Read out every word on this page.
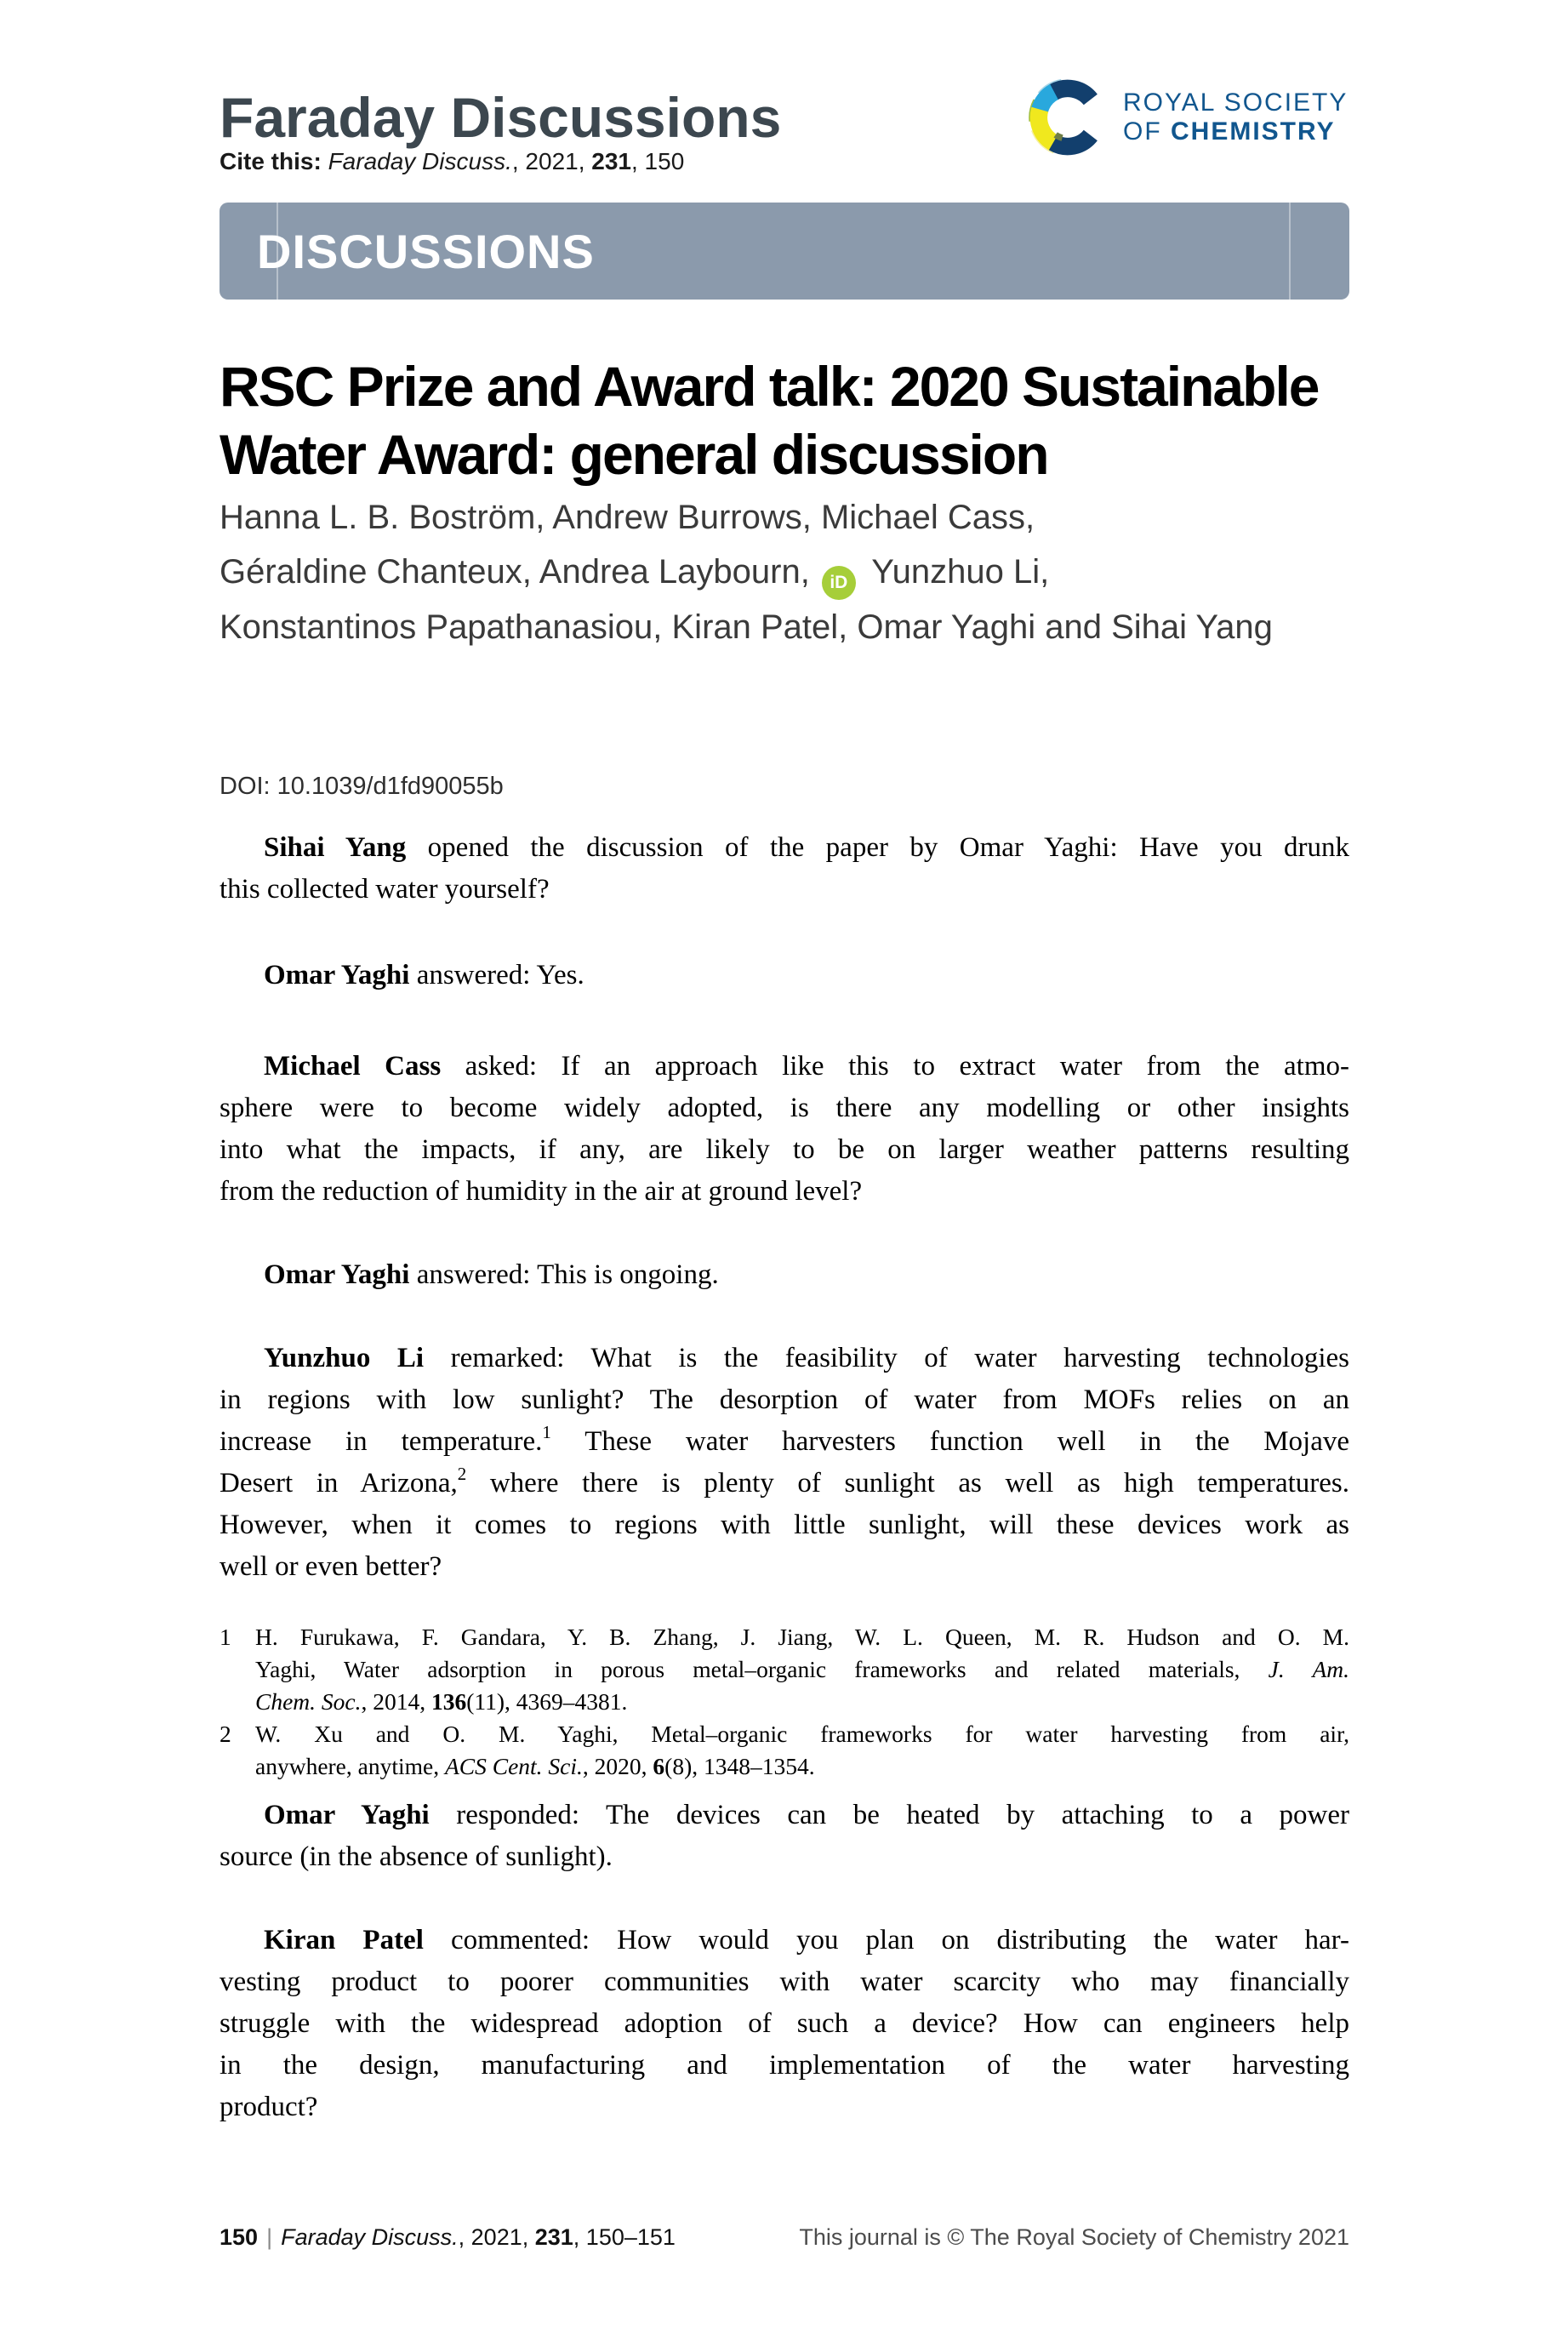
Faraday Discussions
Cite this: Faraday Discuss., 2021, 231, 150
ROYAL SOCIETY
OF CHEMISTRY
DISCUSSIONS
RSC Prize and Award talk: 2020 Sustainable
Water Award: general discussion
Hanna L. B. Boström, Andrew Burrows, Michael Cass,
Géraldine Chanteux, Andrea Laybourn, iD Yunzhuo Li,
Konstantinos Papathanasiou, Kiran Patel, Omar Yaghi and Sihai Yang
DOI: 10.1039/d1fd90055b
Sihai Yang opened the discussion of the paper by Omar Yaghi: Have you drunk
this collected water yourself?
Omar Yaghi answered: Yes.
Michael Cass asked: If an approach like this to extract water from the atmo-
sphere were to become widely adopted, is there any modelling or other insights
into what the impacts, if any, are likely to be on larger weather patterns resulting
from the reduction of humidity in the air at ground level?
Omar Yaghi answered: This is ongoing.
Yunzhuo Li remarked: What is the feasibility of water harvesting technologies
in regions with low sunlight? The desorption of water from MOFs relies on an
increase in temperature.$^1$ These water harvesters function well in the Mojave
Desert in Arizona,$^2$ where there is plenty of sunlight as well as high temperatures.
However, when it comes to regions with little sunlight, will these devices work as
well or even better?
1 H. Furukawa, F. Gandara, Y. B. Zhang, J. Jiang, W. L. Queen, M. R. Hudson and O. M.
Yaghi, Water adsorption in porous metal–organic frameworks and related materials, J. Am.
Chem. Soc., 2014, 136(11), 4369–4381.
2 W. Xu and O. M. Yaghi, Metal–organic frameworks for water harvesting from air,
anywhere, anytime, ACS Cent. Sci., 2020, 6(8), 1348–1354.
Omar Yaghi responded: The devices can be heated by attaching to a power
source (in the absence of sunlight).
Kiran Patel commented: How would you plan on distributing the water har-
vesting product to poorer communities with water scarcity who may financially
struggle with the widespread adoption of such a device? How can engineers help
in the design, manufacturing and implementation of the water harvesting
product?
150 | Faraday Discuss., 2021, 231, 150–151	This journal is © The Royal Society of Chemistry 2021
